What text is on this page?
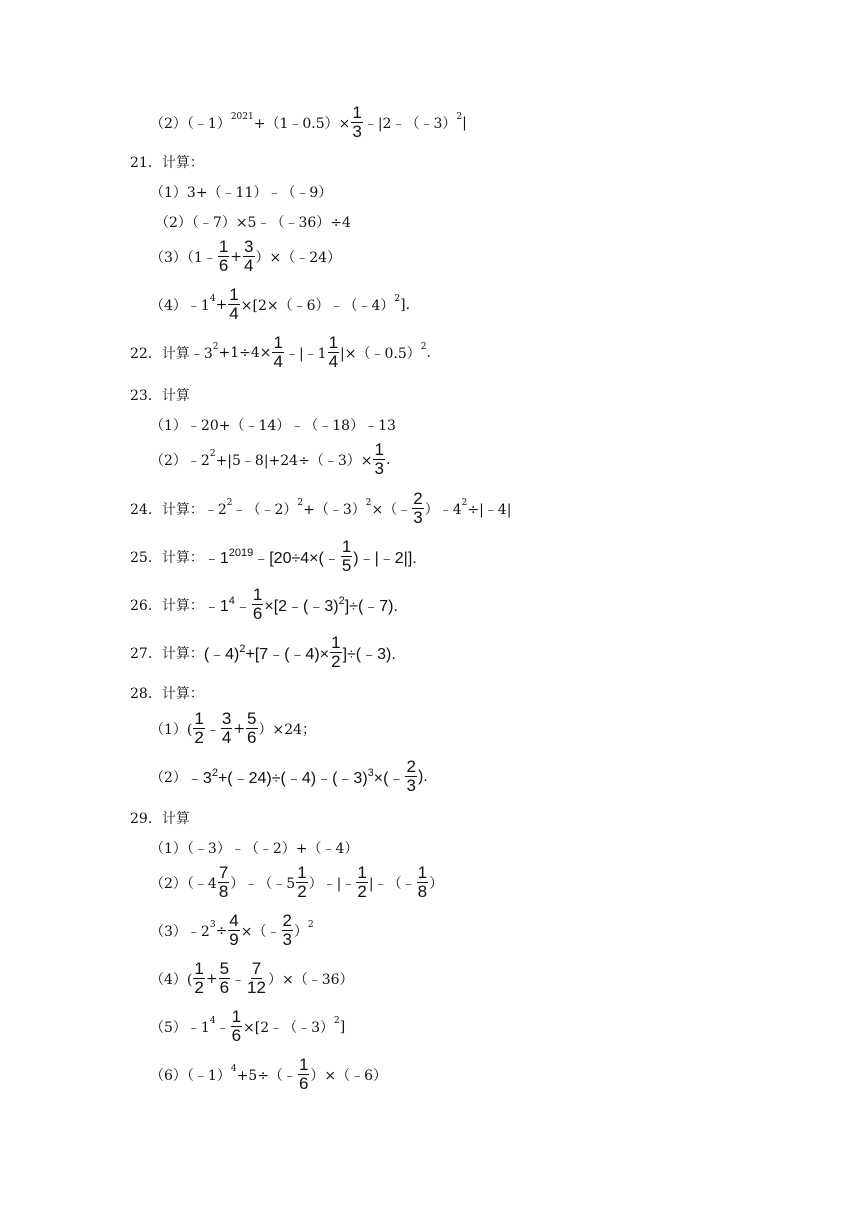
（2）（﹣1）$^{2021}$ +（1﹣0.5）× $\frac{1}{3}$ ﹣|2﹣（﹣3）$^2$ |
21．计算：
（1）3+（﹣11）﹣（﹣9）
（2）（﹣7）×5﹣（﹣36）÷4
（3）（1﹣ $\frac{1}{6} + \frac{3}{4}$ ）×（﹣24）
$(4)﹣1^4 + \frac{1}{4}$ ×[2×（﹣6）﹣（﹣4）$^2$ ].
22．计算$﹣3^2 +1\div 4\times \frac{1}{4}$ ﹣|﹣1 $\frac{1}{4}$ |×（﹣0.5）$^2$ .
23．计算
（1）﹣20+（﹣14）﹣（﹣18）﹣13
$(2)﹣2^2$ +|5﹣8|+24÷（﹣3）× $\frac{1}{3}$ .
24．计算：$﹣2^2$ ﹣（﹣2）$^2$ +（﹣3）$^2$ ×（﹣ $\frac{2}{3}$ ）$﹣4^2$ ÷|﹣4|
25．计算： $﹣1^{2019}﹣[20\div 4\times(﹣ \frac{1}{5}$ )﹣|﹣2|].
26．计算： $﹣1^4﹣ \frac{1}{6}$ ×[2﹣(﹣3)$^2$]÷(﹣7).
27．计算： (﹣4)$^2$+[7﹣(﹣4)× $\frac{1}{2}$ ]÷(﹣3).
28．计算：
$(1)( \frac{1}{2}$ ﹣ $\frac{3}{4} + \frac{5}{6} )\times 24$；
（2） $﹣3^2+(﹣24)\div(﹣4)﹣(﹣3)^3\times(﹣ \frac{2}{3}$ ).
29．计算
（1）（﹣3）﹣（﹣2）+（﹣4）
（2）（﹣4 $\frac{7}{8}$ ）﹣（﹣5 $\frac{1}{2}$ ）﹣|﹣ $\frac{1}{2}$ |﹣（﹣ $\frac{1}{8}$ ）
$(3)﹣2^3 \div \frac{4}{9}$ ×（﹣ $\frac{2}{3} )^2$
$(4)( \frac{1}{2} + \frac{5}{6}$ ﹣ $\frac{7}{12}$ ）×（﹣36）
$(5)﹣1^4$ ﹣ $\frac{1}{6}$ ×[2﹣（﹣3）$^2$ ]
（6）（﹣1）$^4$ +5÷（﹣ $\frac{1}{6}$ ）×（﹣6）
